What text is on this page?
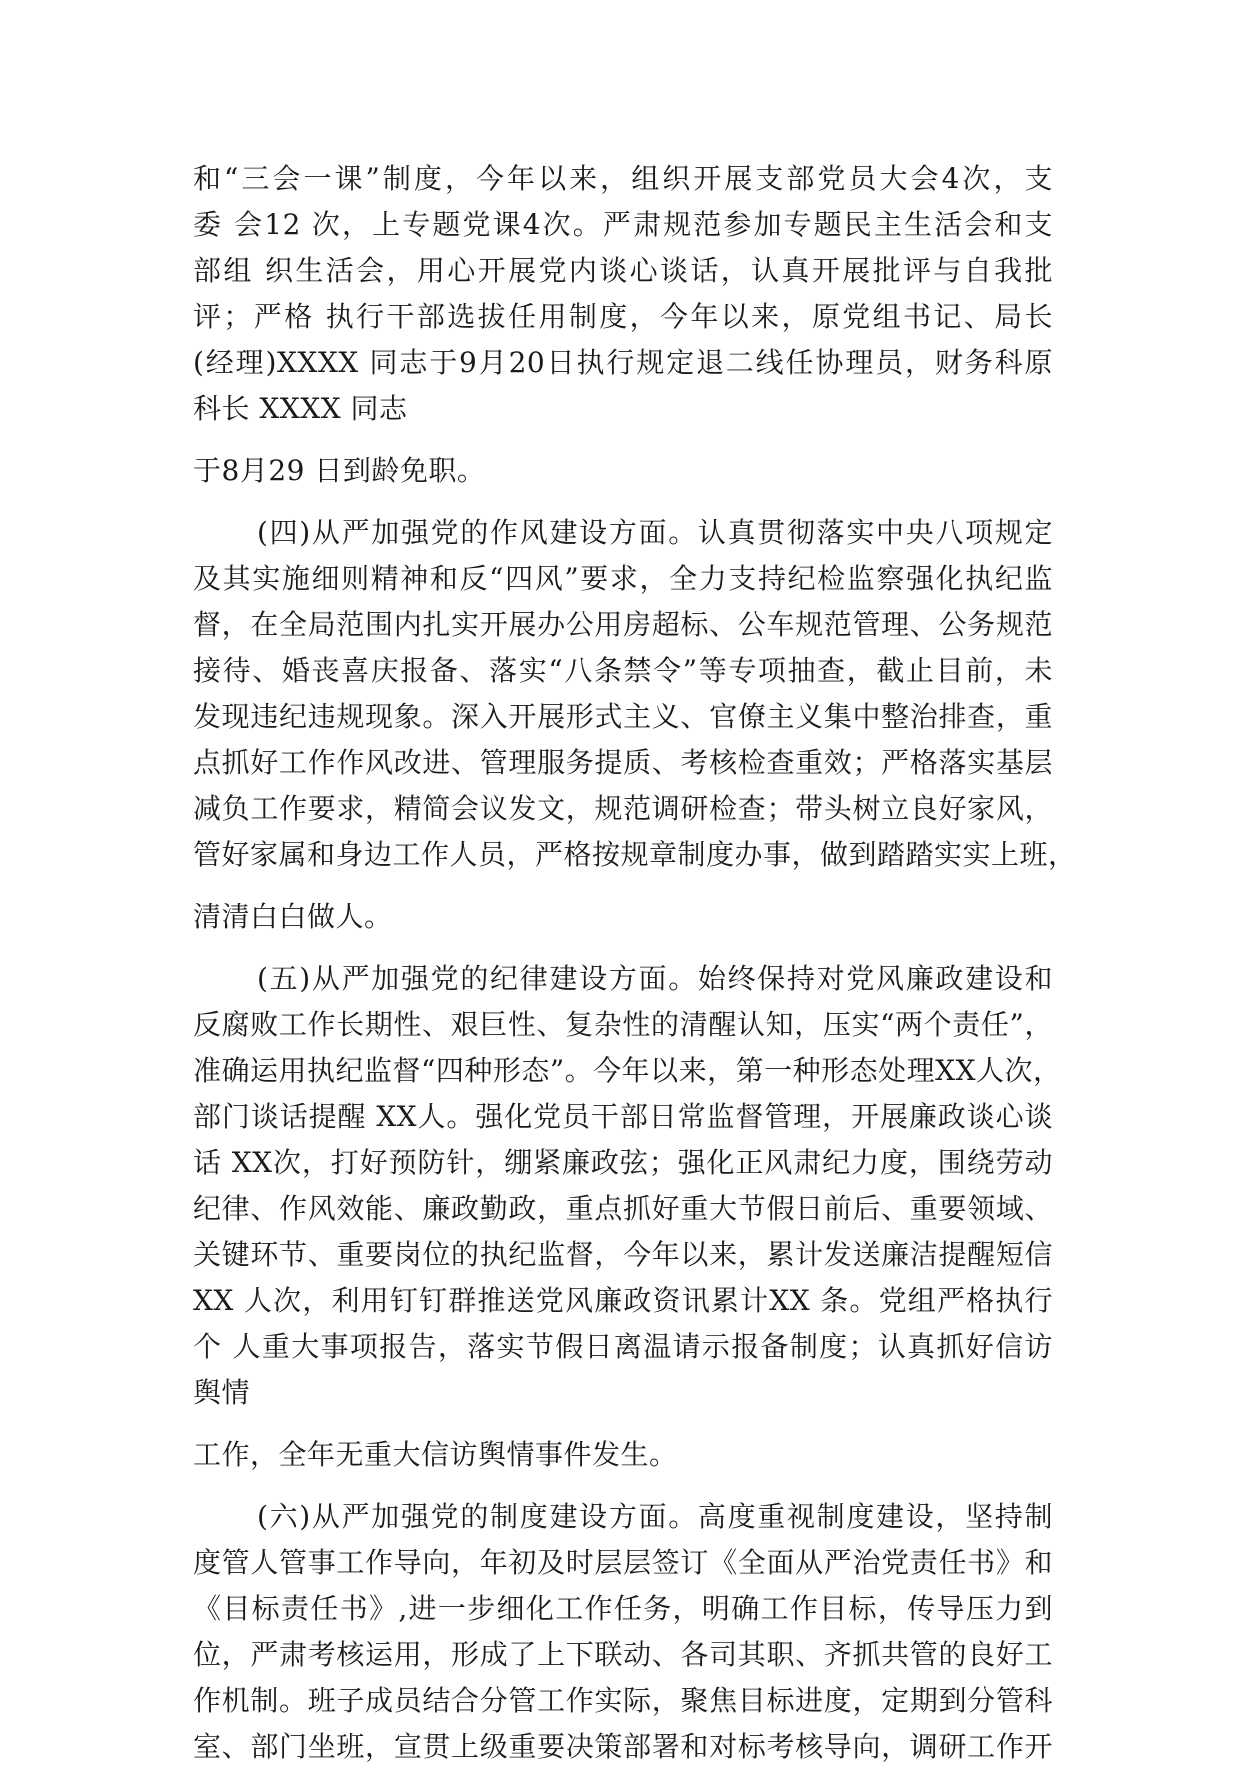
和“三会一课”制度，今年以来，组织开展支部党员大会4次，支
委 会12 次，上专题党课4次。严肃规范参加专题民主生活会和支
部组 织生活会，用心开展党内谈心谈话，认真开展批评与自我批
评；严格 执行干部选拔任用制度，今年以来，原党组书记、局长
(经理)XXXX 同志于9月20日执行规定退二线任协理员，财务科原
科长 XXXX 同志
于8月29 日到龄免职。
(四)从严加强党的作风建设方面。认真贯彻落实中央八项规定
及其实施细则精神和反“四风”要求，全力支持纪检监察强化执纪监
督，在全局范围内扎实开展办公用房超标、公车规范管理、公务规范
接待、婚丧喜庆报备、落实“八条禁令”等专项抽查，截止目前，未
发现违纪违规现象。深入开展形式主义、官僚主义集中整治排查，重
点抓好工作作风改进、管理服务提质、考核检查重效；严格落实基层
减负工作要求，精简会议发文，规范调研检查；带头树立良好家风，
管好家属和身边工作人员，严格按规章制度办事，做到踏踏实实上班，
清清白白做人。
(五)从严加强党的纪律建设方面。始终保持对党风廉政建设和
反腐败工作长期性、艰巨性、复杂性的清醒认知，压实“两个责任”，
准确运用执纪监督“四种形态”。今年以来，第一种形态处理XX人次，
部门谈话提醒 XX人。强化党员干部日常监督管理，开展廉政谈心谈
话 XX次，打好预防针，绷紧廉政弦；强化正风肃纪力度，围绕劳动
纪律、作风效能、廉政勤政，重点抓好重大节假日前后、重要领域、
关键环节、重要岗位的执纪监督，今年以来，累计发送廉洁提醒短信
XX 人次，利用钉钉群推送党风廉政资讯累计XX 条。党组严格执行
个 人重大事项报告，落实节假日离温请示报备制度；认真抓好信访
舆情
工作，全年无重大信访舆情事件发生。
(六)从严加强党的制度建设方面。高度重视制度建设，坚持制
度管人管事工作导向，年初及时层层签订《全面从严治党责任书》和
《目标责任书》,进一步细化工作任务，明确工作目标，传导压力到
位，严肃考核运用，形成了上下联动、各司其职、齐抓共管的良好工
作机制。班子成员结合分管工作实际，聚焦目标进度，定期到分管科
室、部门坐班，宣贯上级重要决策部署和对标考核导向，调研工作开
